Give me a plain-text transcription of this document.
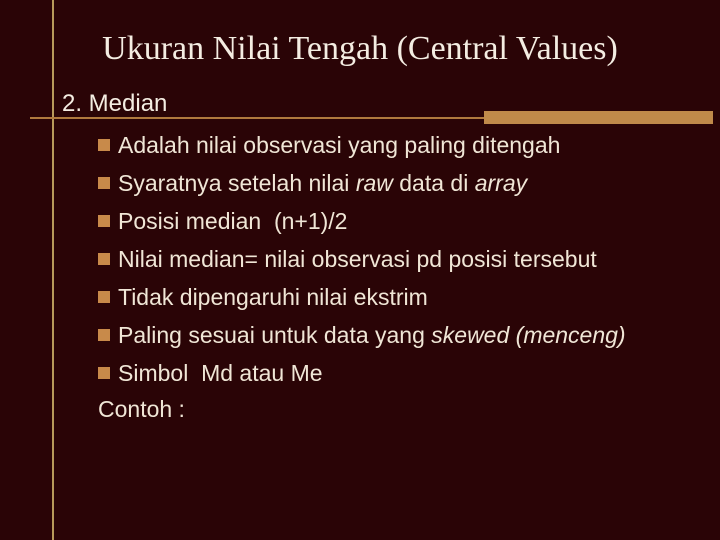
Ukuran Nilai Tengah (Central Values)
2. Median
Adalah nilai observasi yang paling ditengah
Syaratnya setelah nilai raw data di array
Posisi median  (n+1)/2
Nilai median= nilai observasi pd posisi tersebut
Tidak dipengaruhi nilai ekstrim
Paling sesuai untuk data yang skewed (menceng)
Simbol  Md atau Me
Contoh :
